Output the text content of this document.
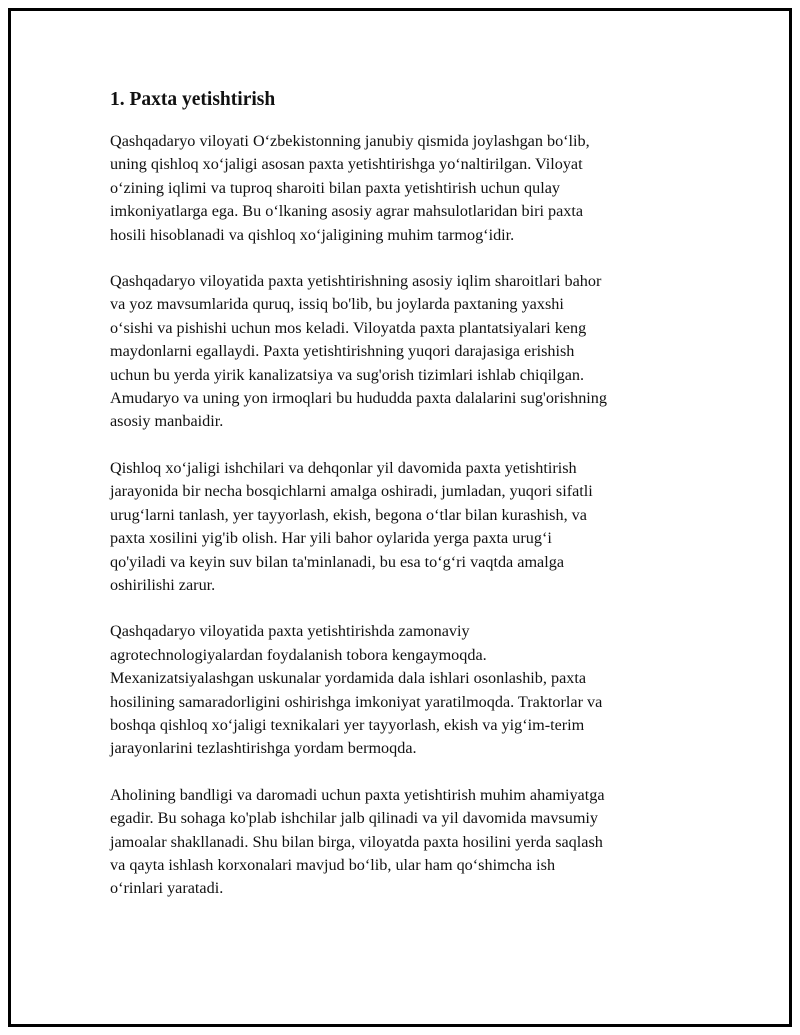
1. Paxta yetishtirish

Qashqadaryo viloyati O‘zbekistonning janubiy qismida joylashgan bo‘lib,
uning qishloq xo‘jaligi asosan paxta yetishtirishga yo‘naltirilgan. Viloyat
o‘zining iqlimi va tuproq sharoiti bilan paxta yetishtirish uchun qulay
imkoniyatlarga ega. Bu o‘lkaning asosiy agrar mahsulotlaridan biri paxta
hosili hisoblanadi va qishloq xo‘jaligining muhim tarmog‘idir.

Qashqadaryo viloyatida paxta yetishtirishning asosiy iqlim sharoitlari bahor
va yoz mavsumlarida quruq, issiq bo'lib, bu joylarda paxtaning yaxshi
o‘sishi va pishishi uchun mos keladi. Viloyatda paxta plantatsiyalari keng
maydonlarni egallaydi. Paxta yetishtirishning yuqori darajasiga erishish
uchun bu yerda yirik kanalizatsiya va sug'orish tizimlari ishlab chiqilgan.
Amudaryo va uning yon irmoqlari bu hududda paxta dalalarini sug'orishning
asosiy manbaidir.

Qishloq xo‘jaligi ishchilari va dehqonlar yil davomida paxta yetishtirish
jarayonida bir necha bosqichlarni amalga oshiradi, jumladan, yuqori sifatli
urug‘larni tanlash, yer tayyorlash, ekish, begona o‘tlar bilan kurashish, va
paxta xosilini yig'ib olish. Har yili bahor oylarida yerga paxta urug‘i
qo'yiladi va keyin suv bilan ta'minlanadi, bu esa to‘g‘ri vaqtda amalga
oshirilishi zarur.

Qashqadaryo viloyatida paxta yetishtirishda zamonaviy
agrotechnologiyalardan foydalanish tobora kengaymoqda.
Mexanizatsiyalashgan uskunalar yordamida dala ishlari osonlashib, paxta
hosilining samaradorligini oshirishga imkoniyat yaratilmoqda. Traktorlar va
boshqa qishloq xo‘jaligi texnikalari yer tayyorlash, ekish va yig‘im-terim
jarayonlarini tezlashtirishga yordam bermoqda.

Aholining bandligi va daromadi uchun paxta yetishtirish muhim ahamiyatga
egadir. Bu sohaga ko'plab ishchilar jalb qilinadi va yil davomida mavsumiy
jamoalar shakllanadi. Shu bilan birga, viloyatda paxta hosilini yerda saqlash
va qayta ishlash korxonalari mavjud bo‘lib, ular ham qo‘shimcha ish
o‘rinlari yaratadi.
